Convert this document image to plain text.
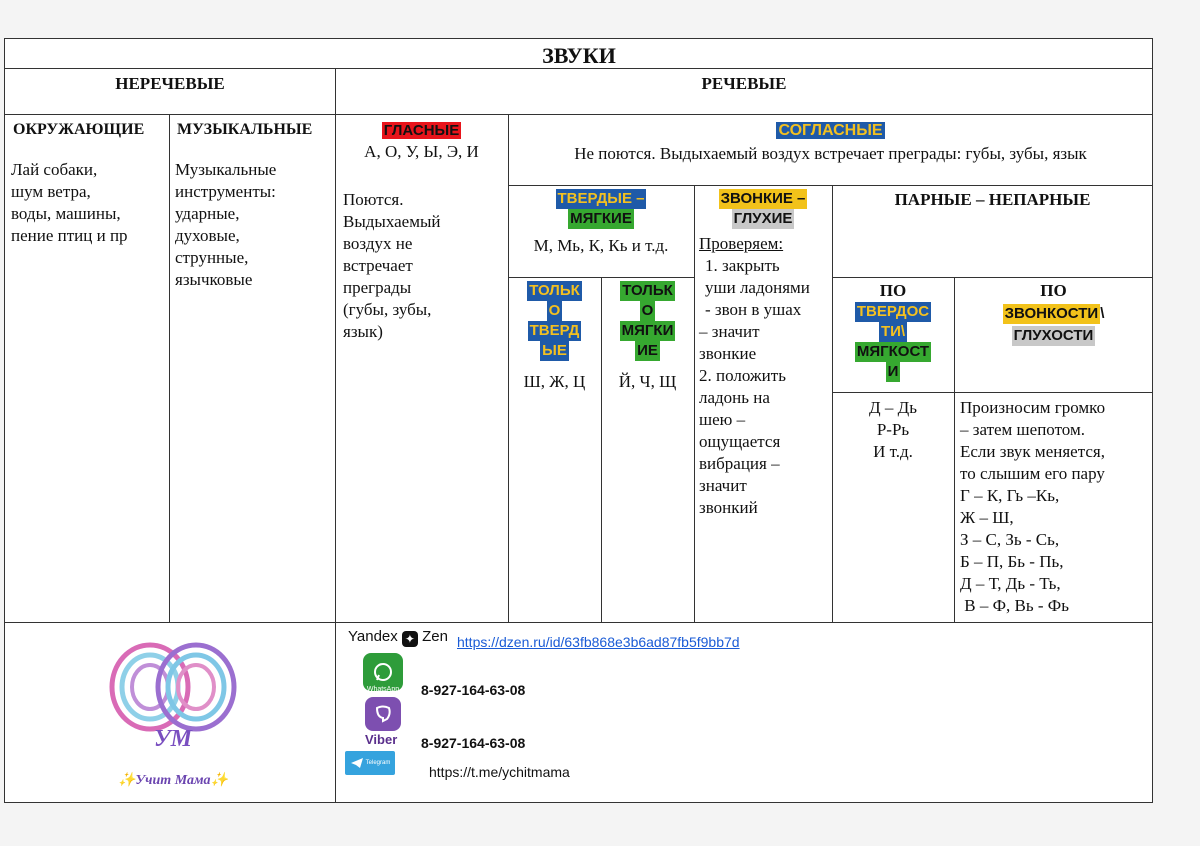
ЗВУКИ
НЕРЕЧЕВЫЕ
ОКРУЖАЮЩИЕ
Лай собаки,
шум ветра,
воды, машины,
пение птиц и пр
МУЗЫКАЛЬНЫЕ
Музыкальные
инструменты:
ударные,
духовые,
струнные,
язычковые
РЕЧЕВЫЕ
ГЛАСНЫЕ
А, О, У, Ы, Э, И
Поются.
Выдыхаемый
воздух не
встречает
преграды
(губы, зубы,
язык)
СОГЛАСНЫЕ
Не поются. Выдыхаемый воздух встречает преграды: губы, зубы, язык
ТВЕРДЫЕ –
МЯГКИЕ
М, Мь, К, Кь и т.д.
ТОЛЬК
О
ТВЕРД
ЫЕ
Ш, Ж, Ц
ТОЛЬК
О
МЯГКИ
ИЕ
Й, Ч, Щ
ЗВОНКИЕ –
ГЛУХИЕ
Проверяем:
1. закрыть
уши ладонями
- звон в ушах
– значит
звонкие
2. положить
ладонь на
шею –
ощущается
вибрация –
значит
звонкий
ПАРНЫЕ – НЕПАРНЫЕ
ПО
ТВЕРДОС
ТИ\
МЯГКОСТ
И
Д – Дь
Р-Рь
И т.д.
ПО
ЗВОНКОСТИ \
ГЛУХОСТИ
Произносим громко
– затем шепотом.
Если звук меняется,
то слышим его пару
Г – К, Гь –Кь,
Ж – Ш,
З – С, Зь - Сь,
Б – П, Бь - Пь,
Д – Т, Дь - Ть,
В – Ф, Вь - Фь
УМ
✨Учит Мама✨
Yandex ✦ Zen https://dzen.ru/id/63fb868e3b6ad87fb5f9bb7d
WhatsApp 8-927-164-63-08
Viber 8-927-164-63-08
Telegram
https://t.me/ychitmama
